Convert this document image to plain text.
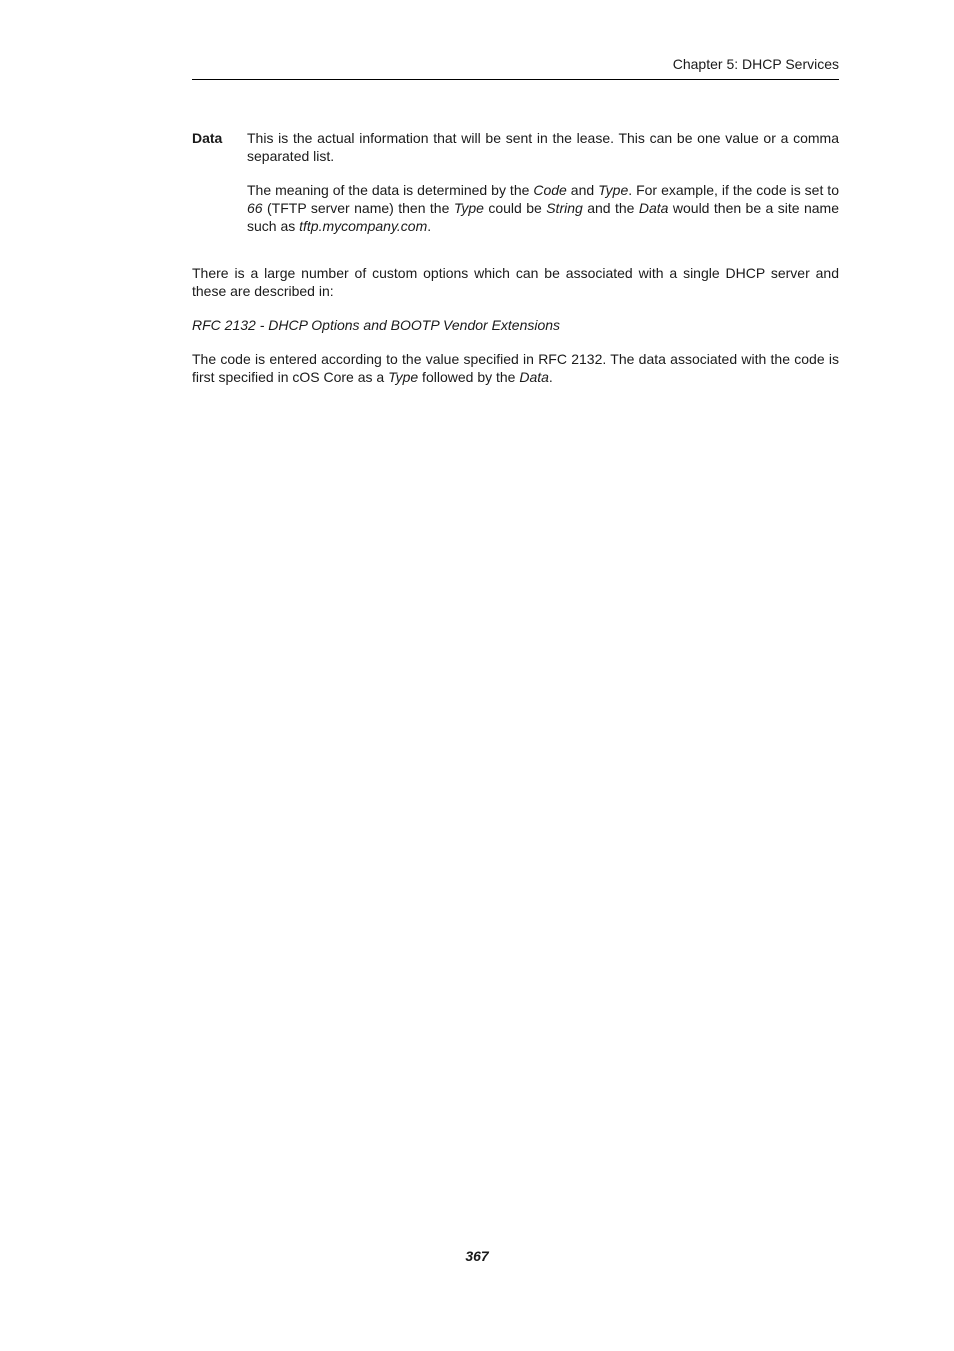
Chapter 5: DHCP Services
Data	This is the actual information that will be sent in the lease. This can be one value or a comma separated list.

The meaning of the data is determined by the Code and Type. For example, if the code is set to 66 (TFTP server name) then the Type could be String and the Data would then be a site name such as tftp.mycompany.com.

There is a large number of custom options which can be associated with a single DHCP server and these are described in:

RFC 2132 - DHCP Options and BOOTP Vendor Extensions

The code is entered according to the value specified in RFC 2132. The data associated with the code is first specified in cOS Core as a Type followed by the Data.

367
